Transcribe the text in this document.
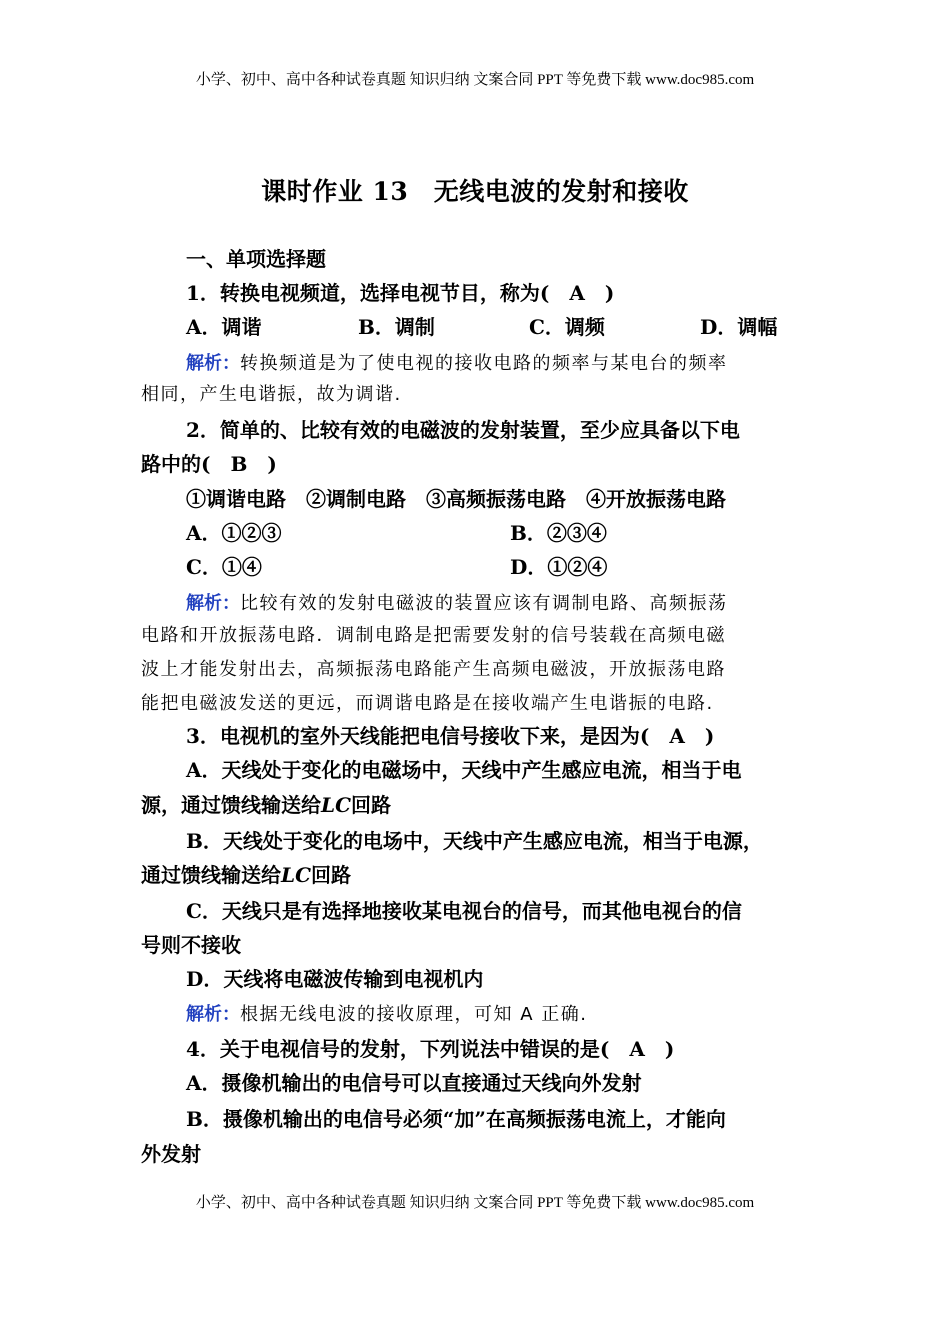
小学、初中、高中各种试卷真题 知识归纳 文案合同 PPT 等免费下载 www.doc985.com
课时作业 13　无线电波的发射和接收
一、单项选择题
1．转换电视频道，选择电视节目，称为(　A　)
A．调谐	B．调制	C．调频	D．调幅
解析：转换频道是为了使电视的接收电路的频率与某电台的频率
相同，产生电谐振，故为调谐.
2．简单的、比较有效的电磁波的发射装置，至少应具备以下电
路中的(　B　)
①调谐电路　②调制电路　③高频振荡电路　④开放振荡电路
A．①②③	B．②③④
C．①④	D．①②④
解析：比较有效的发射电磁波的装置应该有调制电路、高频振荡
电路和开放振荡电路．调制电路是把需要发射的信号装载在高频电磁
波上才能发射出去，高频振荡电路能产生高频电磁波，开放振荡电路
能把电磁波发送的更远，而调谐电路是在接收端产生电谐振的电路.
3．电视机的室外天线能把电信号接收下来，是因为(　A　)
A．天线处于变化的电磁场中，天线中产生感应电流，相当于电
源，通过馈线输送给LC回路
B．天线处于变化的电场中，天线中产生感应电流，相当于电源，
通过馈线输送给LC回路
C．天线只是有选择地接收某电视台的信号，而其他电视台的信
号则不接收
D．天线将电磁波传输到电视机内
解析：根据无线电波的接收原理，可知 A 正确.
4．关于电视信号的发射，下列说法中错误的是(　A　)
A．摄像机输出的电信号可以直接通过天线向外发射
B．摄像机输出的电信号必须“加”在高频振荡电流上，才能向
外发射
小学、初中、高中各种试卷真题 知识归纳 文案合同 PPT 等免费下载 www.doc985.com
